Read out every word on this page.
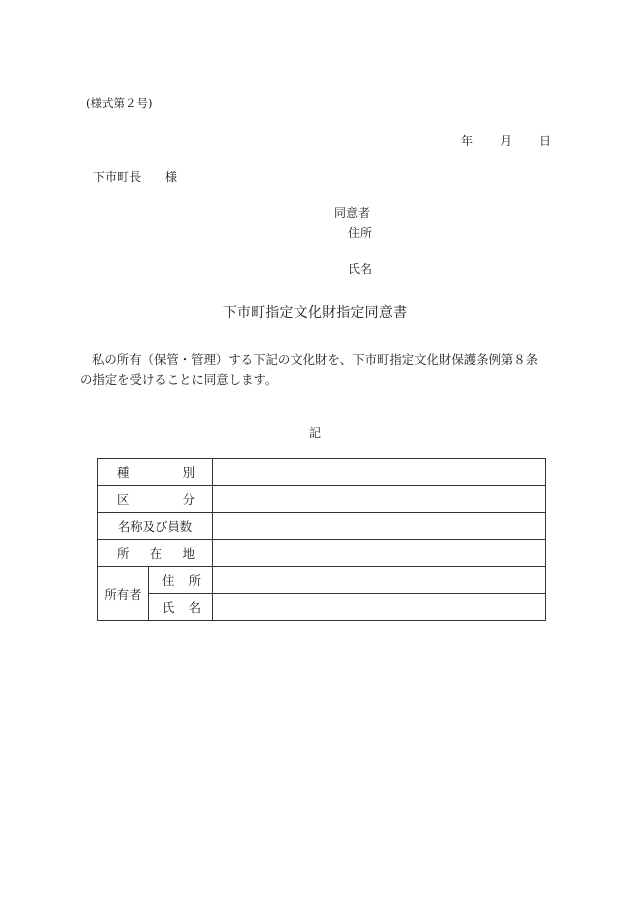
(様式第２号)
年 月 日
下市町長 様
同意者
住所
氏名
下市町指定文化財指定同意書
私の所有（保管・管理）する下記の文化財を、下市町指定文化財保護条例第８条
の指定を受けることに同意します。
記
種 別		

区 分		

名称及び員数		

所 在 地		

所有者	住 所	

	氏 名	
